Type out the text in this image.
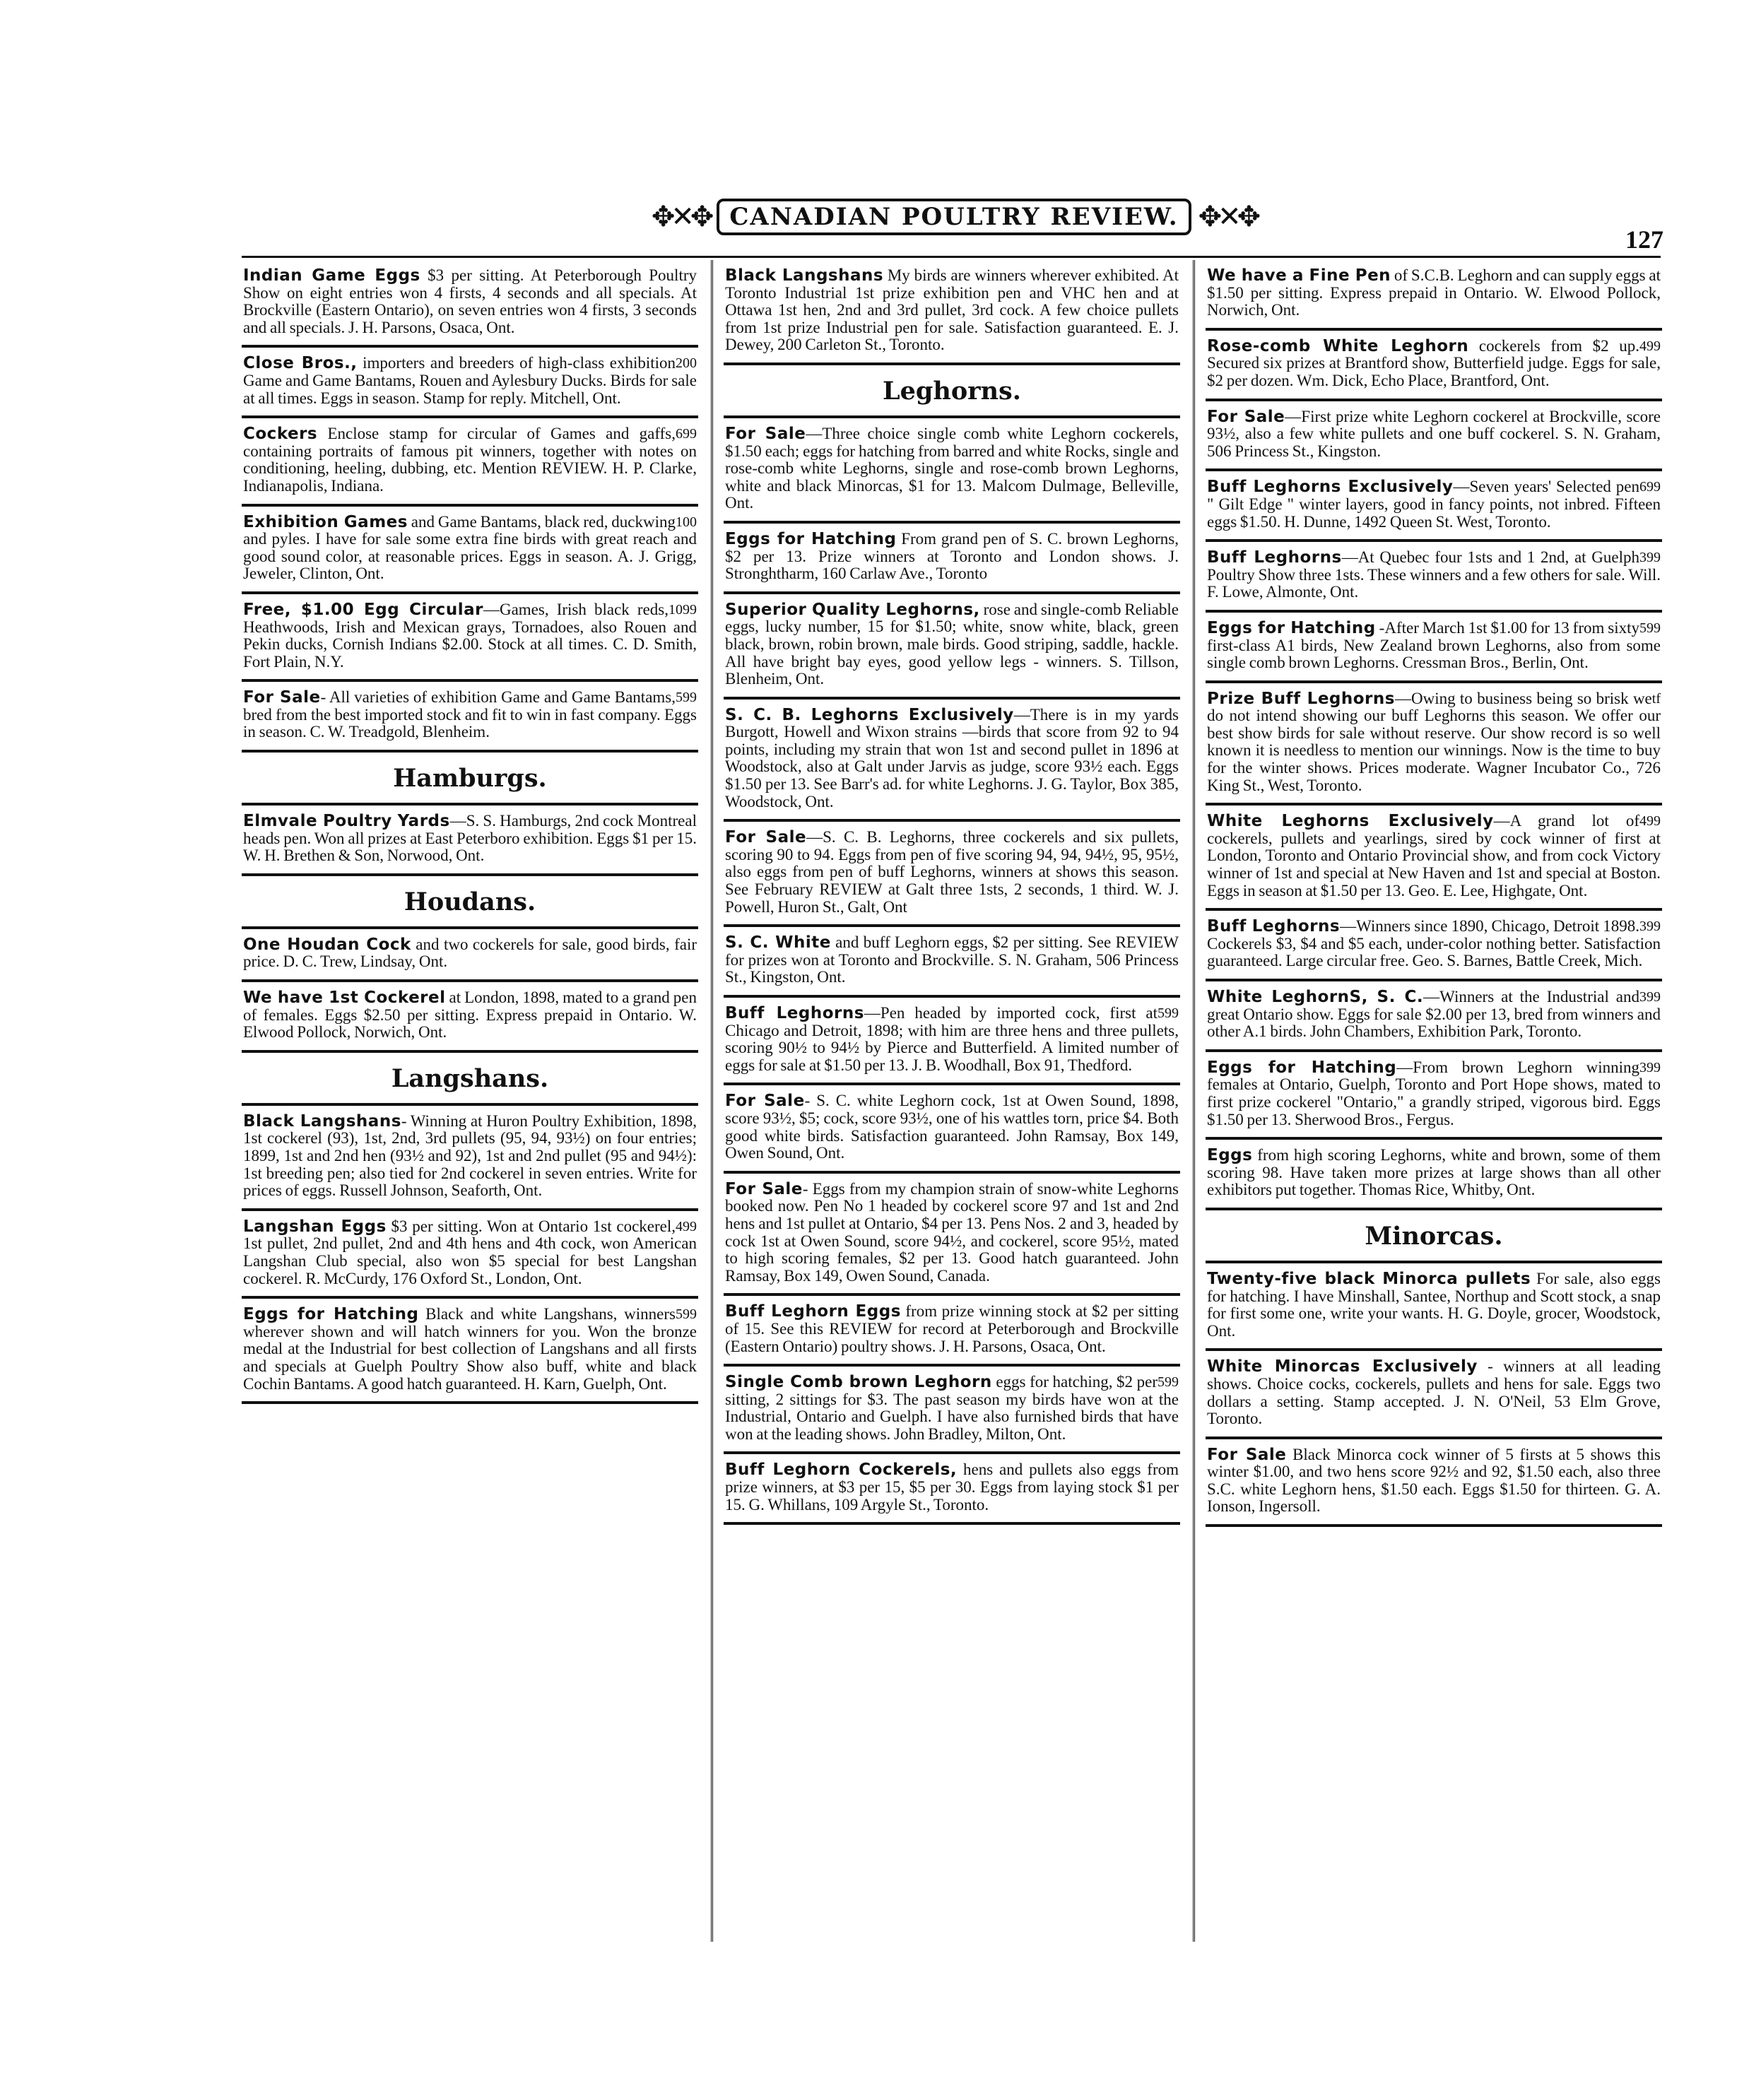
✥✕✥ CANADIAN POULTRY REVIEW. ✥✕✥
127
Indian Game Eggs $3 per sitting. At Peterborough Poultry Show on eight entries won 4 firsts, 4 seconds and all specials. At Brockville (Eastern Ontario), on seven entries won 4 firsts, 3 seconds and all specials. J. H. Parsons, Osaca, Ont.
200
Close Bros., importers and breeders of high-class exhibition Game and Game Bantams, Rouen and Aylesbury Ducks. Birds for sale at all times. Eggs in season. Stamp for reply. Mitchell, Ont.
699
Cockers Enclose stamp for circular of Games and gaffs, containing portraits of famous pit winners, together with notes on conditioning, heeling, dubbing, etc. Mention REVIEW. H. P. Clarke, Indianapolis, Indiana.
100
Exhibition Games and Game Bantams, black red, duckwing and pyles. I have for sale some extra fine birds with great reach and good sound color, at reasonable prices. Eggs in season. A. J. Grigg, Jeweler, Clinton, Ont.
1099
Free, $1.00 Egg Circular—Games, Irish black reds, Heathwoods, Irish and Mexican grays, Tornadoes, also Rouen and Pekin ducks, Cornish Indians $2.00. Stock at all times. C. D. Smith, Fort Plain, N.Y.
599
For Sale- All varieties of exhibition Game and Game Bantams, bred from the best imported stock and fit to win in fast company. Eggs in season. C. W. Treadgold, Blenheim.
Hamburgs.
Elmvale Poultry Yards—S. S. Hamburgs, 2nd cock Montreal heads pen. Won all prizes at East Peterboro exhibition. Eggs $1 per 15. W. H. Brethen & Son, Norwood, Ont.
Houdans.
One Houdan Cock and two cockerels for sale, good birds, fair price. D. C. Trew, Lindsay, Ont.
We have 1st Cockerel at London, 1898, mated to a grand pen of females. Eggs $2.50 per sitting. Express prepaid in Ontario. W. Elwood Pollock, Norwich, Ont.
Langshans.
Black Langshans- Winning at Huron Poultry Exhibition, 1898, 1st cockerel (93), 1st, 2nd, 3rd pullets (95, 94, 93½) on four entries; 1899, 1st and 2nd hen (93½ and 92), 1st and 2nd pullet (95 and 94½): 1st breeding pen; also tied for 2nd cockerel in seven entries. Write for prices of eggs. Russell Johnson, Seaforth, Ont.
499
Langshan Eggs $3 per sitting. Won at Ontario 1st cockerel, 1st pullet, 2nd pullet, 2nd and 4th hens and 4th cock, won American Langshan Club special, also won $5 special for best Langshan cockerel. R. McCurdy, 176 Oxford St., London, Ont.
599
Eggs for Hatching Black and white Langshans, winners wherever shown and will hatch winners for you. Won the bronze medal at the Industrial for best collection of Langshans and all firsts and specials at Guelph Poultry Show also buff, white and black Cochin Bantams. A good hatch guaranteed. H. Karn, Guelph, Ont.
Black Langshans My birds are winners wherever exhibited. At Toronto Industrial 1st prize exhibition pen and VHC hen and at Ottawa 1st hen, 2nd and 3rd pullet, 3rd cock. A few choice pullets from 1st prize Industrial pen for sale. Satisfaction guaranteed. E. J. Dewey, 200 Carleton St., Toronto.
Leghorns.
For Sale—Three choice single comb white Leghorn cockerels, $1.50 each; eggs for hatching from barred and white Rocks, single and rose-comb white Leghorns, single and rose-comb brown Leghorns, white and black Minorcas, $1 for 13. Malcom Dulmage, Belleville, Ont.
Eggs for Hatching From grand pen of S. C. brown Leghorns, $2 per 13. Prize winners at Toronto and London shows. J. Stronghtharm, 160 Carlaw Ave., Toronto
Superior Quality Leghorns, rose and single-comb Reliable eggs, lucky number, 15 for $1.50; white, snow white, black, green black, brown, robin brown, male birds. Good striping, saddle, hackle. All have bright bay eyes, good yellow legs - winners. S. Tillson, Blenheim, Ont.
S. C. B. Leghorns Exclusively—There is in my yards Burgott, Howell and Wixon strains —birds that score from 92 to 94 points, including my strain that won 1st and second pullet in 1896 at Woodstock, also at Galt under Jarvis as judge, score 93½ each. Eggs $1.50 per 13. See Barr's ad. for white Leghorns. J. G. Taylor, Box 385, Woodstock, Ont.
For Sale—S. C. B. Leghorns, three cockerels and six pullets, scoring 90 to 94. Eggs from pen of five scoring 94, 94, 94½, 95, 95½, also eggs from pen of buff Leghorns, winners at shows this season. See February REVIEW at Galt three 1sts, 2 seconds, 1 third. W. J. Powell, Huron St., Galt, Ont
S. C. White and buff Leghorn eggs, $2 per sitting. See REVIEW for prizes won at Toronto and Brockville. S. N. Graham, 506 Princess St., Kingston, Ont.
599
Buff Leghorns—Pen headed by imported cock, first at Chicago and Detroit, 1898; with him are three hens and three pullets, scoring 90½ to 94½ by Pierce and Butterfield. A limited number of eggs for sale at $1.50 per 13. J. B. Woodhall, Box 91, Thedford.
For Sale- S. C. white Leghorn cock, 1st at Owen Sound, 1898, score 93½, $5; cock, score 93½, one of his wattles torn, price $4. Both good white birds. Satisfaction guaranteed. John Ramsay, Box 149, Owen Sound, Ont.
For Sale- Eggs from my champion strain of snow-white Leghorns booked now. Pen No 1 headed by cockerel score 97 and 1st and 2nd hens and 1st pullet at Ontario, $4 per 13. Pens Nos. 2 and 3, headed by cock 1st at Owen Sound, score 94½, and cockerel, score 95½, mated to high scoring females, $2 per 13. Good hatch guaranteed. John Ramsay, Box 149, Owen Sound, Canada.
Buff Leghorn Eggs from prize winning stock at $2 per sitting of 15. See this REVIEW for record at Peterborough and Brockville (Eastern Ontario) poultry shows. J. H. Parsons, Osaca, Ont.
599
Single Comb brown Leghorn eggs for hatching, $2 per sitting, 2 sittings for $3. The past season my birds have won at the Industrial, Ontario and Guelph. I have also furnished birds that have won at the leading shows. John Bradley, Milton, Ont.
Buff Leghorn Cockerels, hens and pullets also eggs from prize winners, at $3 per 15, $5 per 30. Eggs from laying stock $1 per 15. G. Whillans, 109 Argyle St., Toronto.
We have a Fine Pen of S.C.B. Leghorn and can supply eggs at $1.50 per sitting. Express prepaid in Ontario. W. Elwood Pollock, Norwich, Ont.
499
Rose-comb White Leghorn cockerels from $2 up. Secured six prizes at Brantford show, Butterfield judge. Eggs for sale, $2 per dozen. Wm. Dick, Echo Place, Brantford, Ont.
For Sale—First prize white Leghorn cockerel at Brockville, score 93½, also a few white pullets and one buff cockerel. S. N. Graham, 506 Princess St., Kingston.
699
Buff Leghorns Exclusively—Seven years' Selected pen " Gilt Edge " winter layers, good in fancy points, not inbred. Fifteen eggs $1.50. H. Dunne, 1492 Queen St. West, Toronto.
399
Buff Leghorns—At Quebec four 1sts and 1 2nd, at Guelph Poultry Show three 1sts. These winners and a few others for sale. Will. F. Lowe, Almonte, Ont.
599
Eggs for Hatching -After March 1st $1.00 for 13 from sixty first-class A1 birds, New Zealand brown Leghorns, also from some single comb brown Leghorns. Cressman Bros., Berlin, Ont.
tf
Prize Buff Leghorns—Owing to business being so brisk we do not intend showing our buff Leghorns this season. We offer our best show birds for sale without reserve. Our show record is so well known it is needless to mention our winnings. Now is the time to buy for the winter shows. Prices moderate. Wagner Incubator Co., 726 King St., West, Toronto.
499
White Leghorns Exclusively—A grand lot of cockerels, pullets and yearlings, sired by cock winner of first at London, Toronto and Ontario Provincial show, and from cock Victory winner of 1st and special at New Haven and 1st and special at Boston. Eggs in season at $1.50 per 13. Geo. E. Lee, Highgate, Ont.
399
Buff Leghorns—Winners since 1890, Chicago, Detroit 1898. Cockerels $3, $4 and $5 each, under-color nothing better. Satisfaction guaranteed. Large circular free. Geo. S. Barnes, Battle Creek, Mich.
399
White LeghornS, S. C.—Winners at the Industrial and great Ontario show. Eggs for sale $2.00 per 13, bred from winners and other A.1 birds. John Chambers, Exhibition Park, Toronto.
399
Eggs for Hatching—From brown Leghorn winning females at Ontario, Guelph, Toronto and Port Hope shows, mated to first prize cockerel "Ontario," a grandly striped, vigorous bird. Eggs $1.50 per 13. Sherwood Bros., Fergus.
Eggs from high scoring Leghorns, white and brown, some of them scoring 98. Have taken more prizes at large shows than all other exhibitors put together. Thomas Rice, Whitby, Ont.
Minorcas.
Twenty-five black Minorca pullets For sale, also eggs for hatching. I have Minshall, Santee, Northup and Scott stock, a snap for first some one, write your wants. H. G. Doyle, grocer, Woodstock, Ont.
White Minorcas Exclusively - winners at all leading shows. Choice cocks, cockerels, pullets and hens for sale. Eggs two dollars a setting. Stamp accepted. J. N. O'Neil, 53 Elm Grove, Toronto.
For Sale Black Minorca cock winner of 5 firsts at 5 shows this winter $1.00, and two hens score 92½ and 92, $1.50 each, also three S.C. white Leghorn hens, $1.50 each. Eggs $1.50 for thirteen. G. A. Ionson, Ingersoll.
